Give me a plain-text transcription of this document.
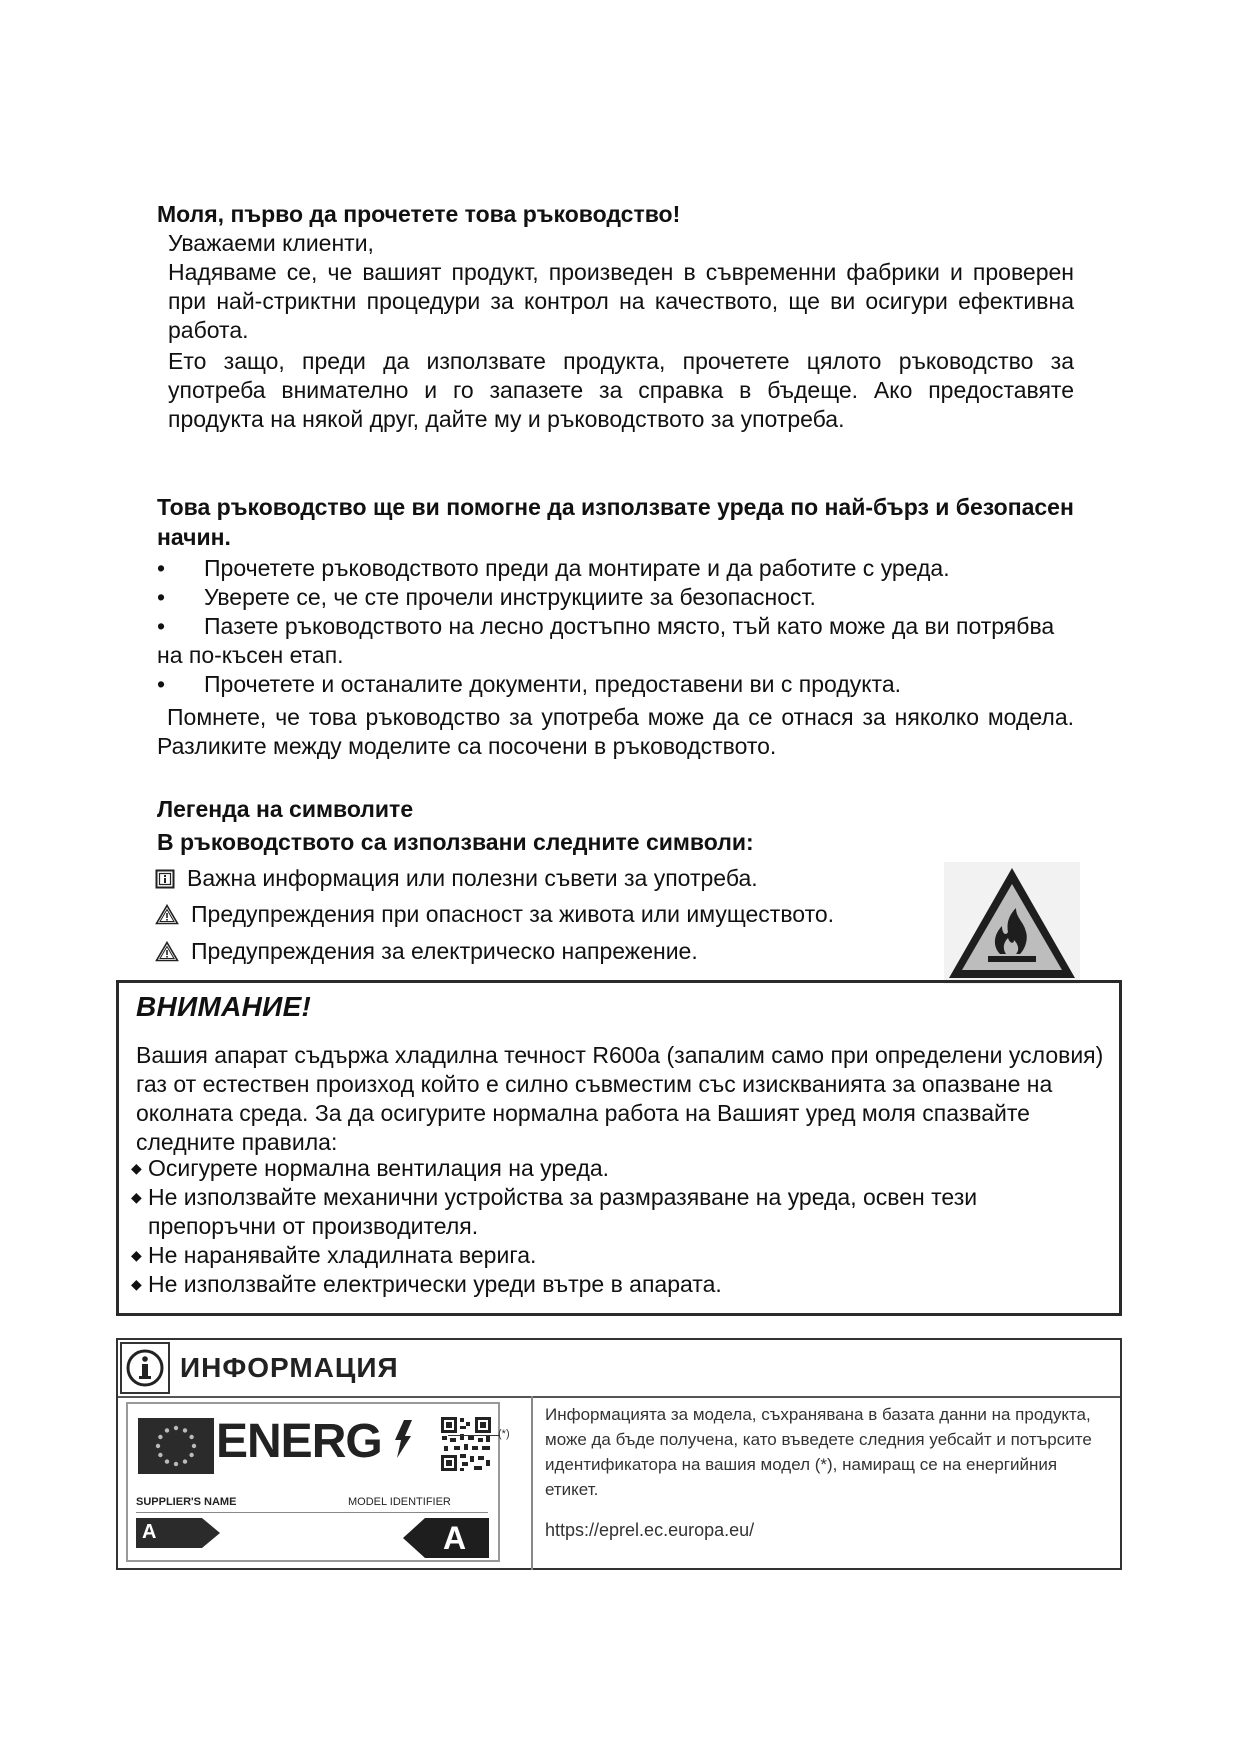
Моля, първо да прочетете това ръководство!
Уважаеми клиенти,
Надяваме се, че вашият продукт, произведен в съвременни фабрики и проверен при най-стриктни процедури за контрол на качеството, ще ви осигури ефективна работа.
Ето защо, преди да използвате продукта, прочетете цялото ръководство за употреба внимателно и го запазете за справка в бъдеще. Ако предоставяте продукта на някой друг, дайте му и ръководството за употреба.
Това ръководство ще ви помогне да използвате уреда по най-бърз и безопасен начин.
•	Прочетете ръководството преди да монтирате и да работите с уреда.
•	Уверете се, че сте прочели инструкциите за безопасност.
•	Пазете ръководството на лесно достъпно място, тъй като може да ви потрябва на по-късен етап.
•	Прочетете и останалите документи, предоставени ви с продукта.
Помнете, че това ръководство за употреба може да се отнася за няколко модела. Разликите между моделите са посочени в ръководството.
Легенда на символите
В ръководството са използвани следните символи:
Важна информация или полезни съвети за употреба.
Предупреждения при опасност за живота или имуществото.
Предупреждения за електрическо напрежение.
ВНИМАНИЕ!
Вашия апарат съдържа хладилна течност R600a (запалим само при определени условия) газ от естествен произход който е силно съвместим със изискванията за опазване на околната среда. За да осигурите нормална работа на Вашият уред моля спазвайте следните правила:
◆ Осигурете нормална вентилация на уреда.
◆ Не използвайте механични устройства за размразяване на уреда, освен тези препоръчни от производителя.
◆ Не наранявайте хладилната верига.
◆ Не използвайте електрически уреди вътре в апарата.
ИНФОРМАЦИЯ
ENERG
SUPPLIER'S NAME	MODEL IDENTIFIER
A	A
(*)
Информацията за модела, съхранявана в базата данни на продукта, може да бъде получена, като въведете следния уебсайт и потърсите идентификатора на вашия модел (*), намиращ се на енергийния етикет.
https://eprel.ec.europa.eu/
